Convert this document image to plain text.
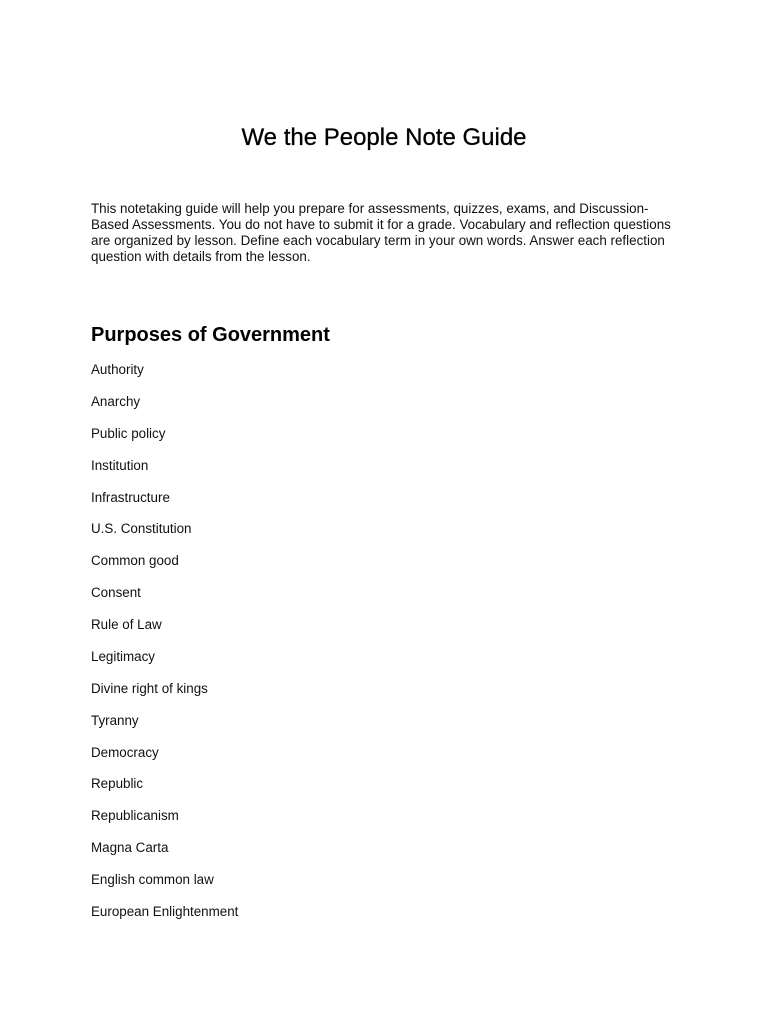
We the People Note Guide

This notetaking guide will help you prepare for assessments, quizzes, exams, and Discussion-Based Assessments. You do not have to submit it for a grade. Vocabulary and reflection questions are organized by lesson. Define each vocabulary term in your own words. Answer each reflection question with details from the lesson.

Purposes of Government
Authority
Anarchy
Public policy
Institution
Infrastructure
U.S. Constitution
Common good
Consent
Rule of Law
Legitimacy
Divine right of kings
Tyranny
Democracy
Republic
Republicanism
Magna Carta
English common law
European Enlightenment
